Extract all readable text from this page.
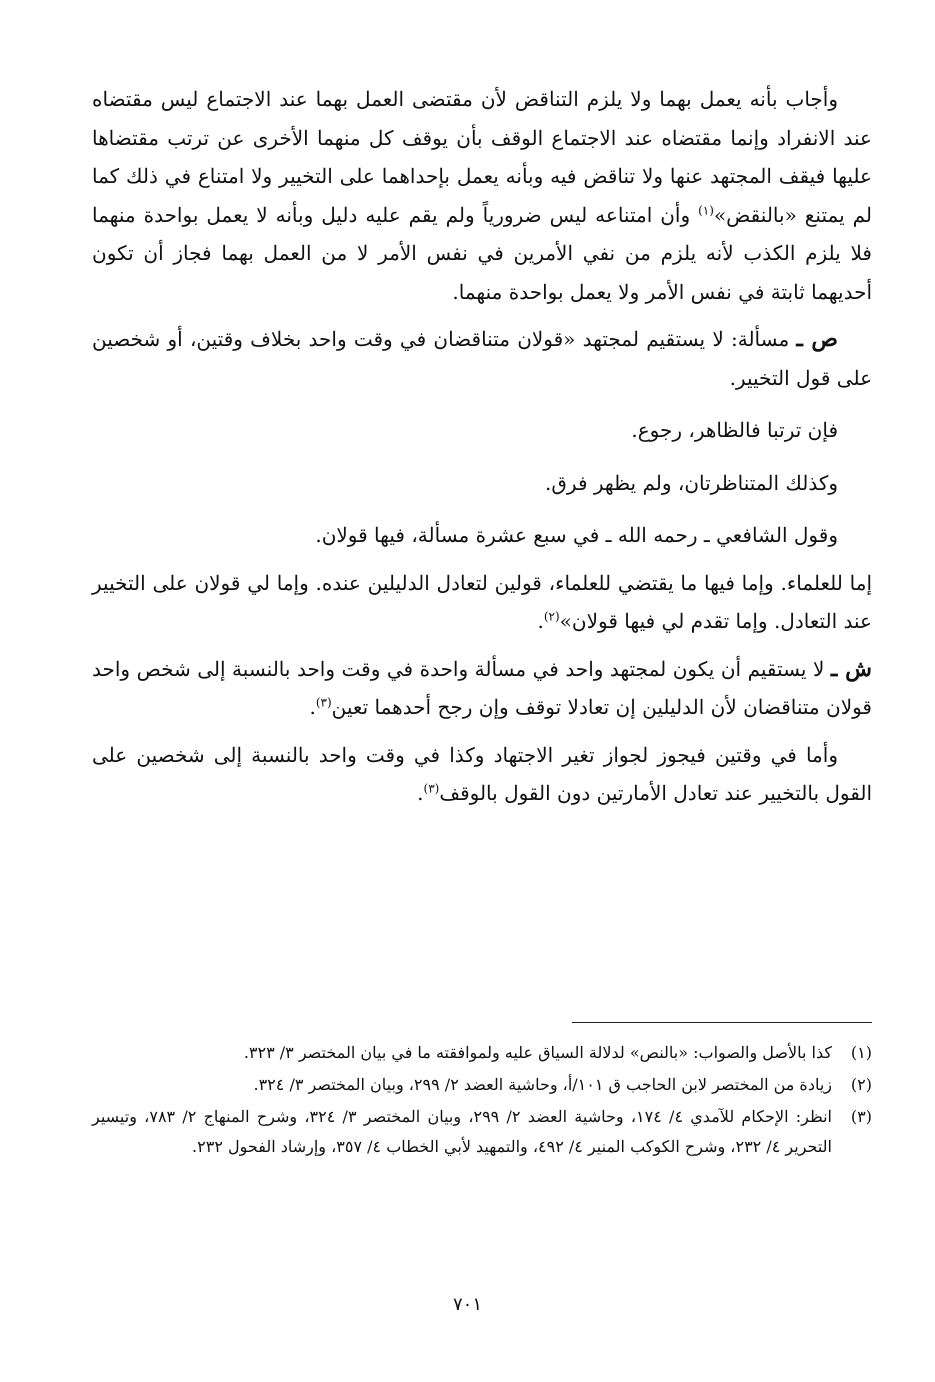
وأجاب بأنه يعمل بهما ولا يلزم التناقض لأن مقتضى العمل بهما عند الاجتماع ليس مقتضاه عند الانفراد وإنما مقتضاه عند الاجتماع الوقف بأن يوقف كل منهما الأخرى عن ترتب مقتضاها عليها فيقف المجتهد عنها ولا تناقض فيه وبأنه يعمل بإحداهما على التخيير ولا امتناع في ذلك كما لم يمتنع «بالنقض»$^{(١)}$ وأن امتناعه ليس ضرورياً ولم يقم عليه دليل وبأنه لا يعمل بواحدة منهما فلا يلزم الكذب لأنه يلزم من نفي الأمرين في نفس الأمر لا من العمل بهما فجاز أن تكون أحديهما ثابتة في نفس الأمر ولا يعمل بواحدة منهما.

ص ـ مسألة: لا يستقيم لمجتهد «قولان متناقضان في وقت واحد بخلاف وقتين، أو شخصين على قول التخيير.

فإن ترتبا فالظاهر، رجوع.

وكذلك المتناظرتان، ولم يظهر فرق.

وقول الشافعي ـ رحمه الله ـ في سبع عشرة مسألة، فيها قولان.

إما للعلماء. وإما فيها ما يقتضي للعلماء، قولين لتعادل الدليلين عنده. وإما لي قولان على التخيير عند التعادل. وإما تقدم لي فيها قولان»$^{(٢)}$.

ش ـ لا يستقيم أن يكون لمجتهد واحد في مسألة واحدة في وقت واحد بالنسبة إلى شخص واحد قولان متناقضان لأن الدليلين إن تعادلا توقف وإن رجح أحدهما تعين$^{(٣)}$.

وأما في وقتين فيجوز لجواز تغير الاجتهاد وكذا في وقت واحد بالنسبة إلى شخصين على القول بالتخيير عند تعادل الأمارتين دون القول بالوقف$^{(٣)}$.

(١)
كذا بالأصل والصواب: «بالنص» لدلالة السياق عليه ولموافقته ما في بيان المختصر ٣/ ٣٢٣.
(٢)
زيادة من المختصر لابن الحاجب ق ١٠١/أ، وحاشية العضد ٢/ ٢٩٩، وبيان المختصر ٣/ ٣٢٤.
(٣)
انظر: الإحكام للآمدي ٤/ ١٧٤، وحاشية العضد ٢/ ٢٩٩، وبيان المختصر ٣/ ٣٢٤، وشرح المنهاج ٢/ ٧٨٣، وتيسير التحرير ٤/ ٢٣٢، وشرح الكوكب المنير ٤/ ٤٩٢، والتمهيد لأبي الخطاب ٤/ ٣٥٧، وإرشاد الفحول ٢٣٢.
٧٠١
